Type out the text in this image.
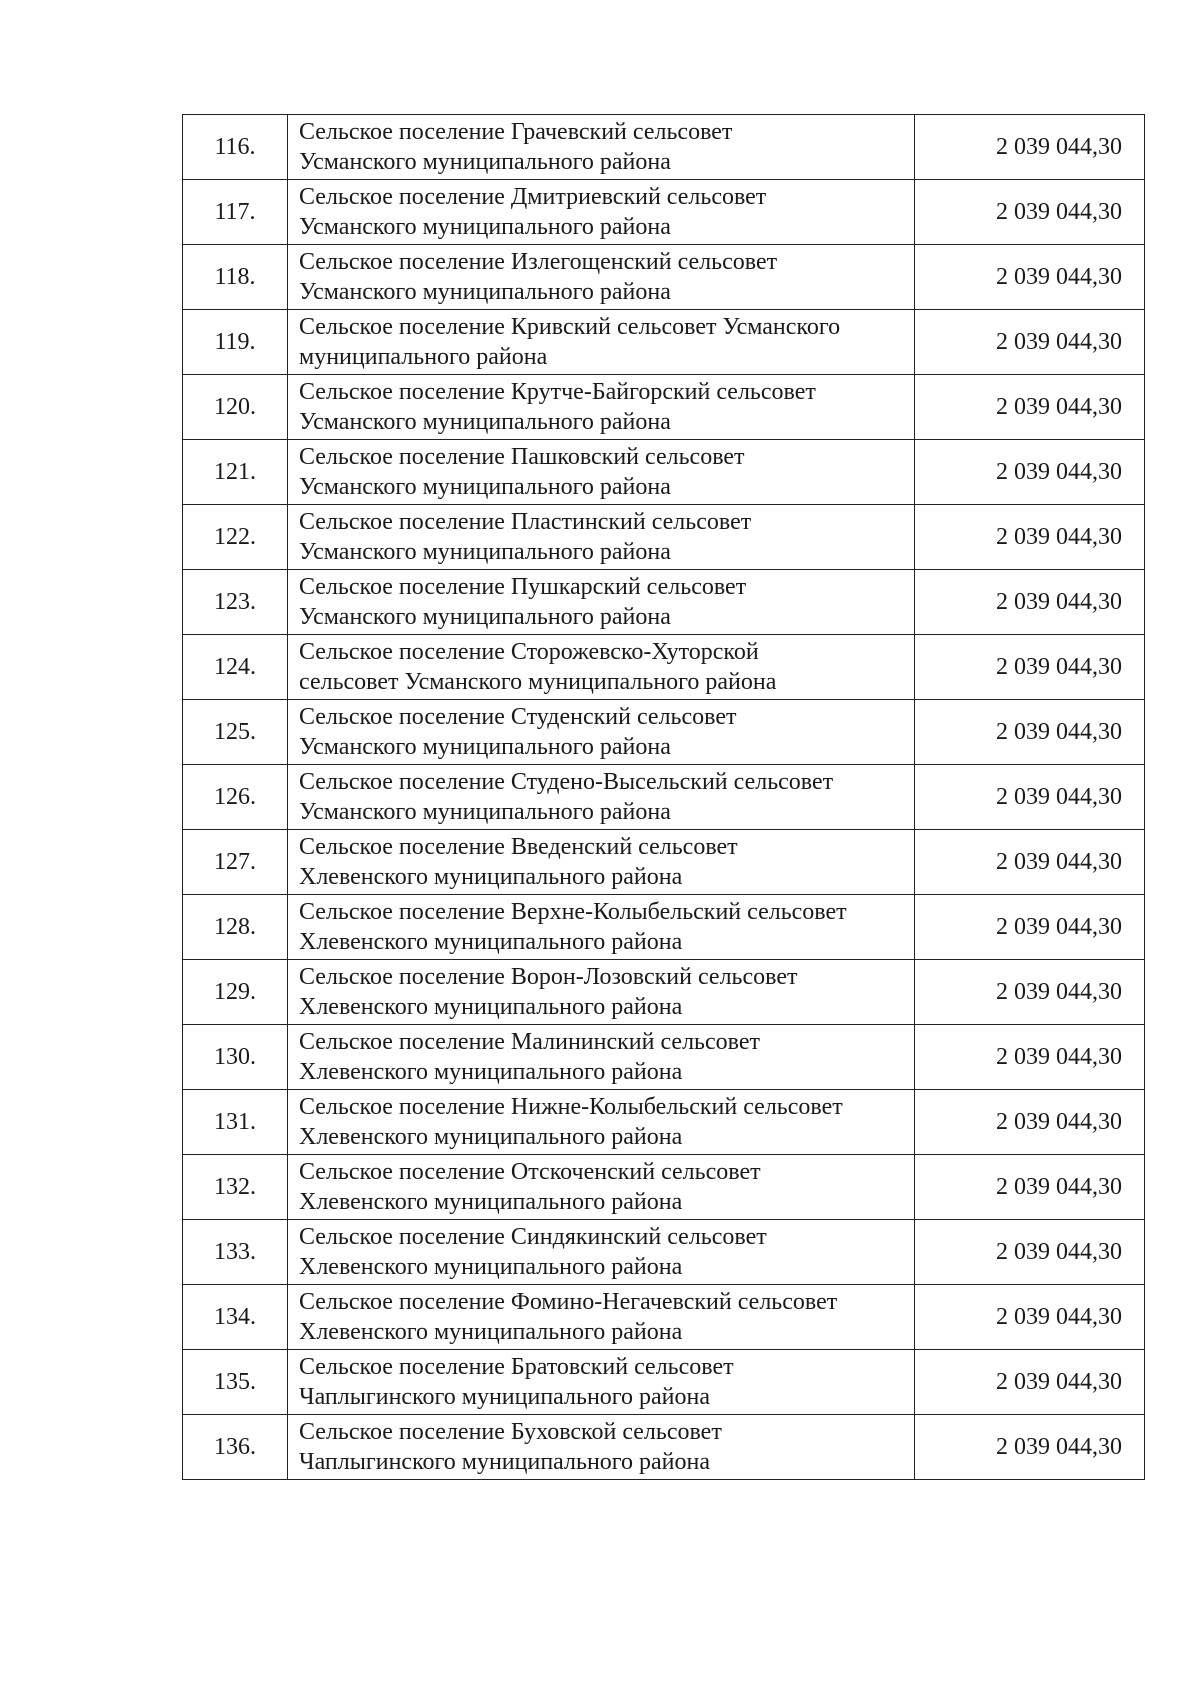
116.	Сельское поселение Грачевский сельсовет
Усманского муниципального района	2 039 044,30
117.	Сельское поселение Дмитриевский сельсовет
Усманского муниципального района	2 039 044,30
118.	Сельское поселение Излегощенский сельсовет
Усманского муниципального района	2 039 044,30
119.	Сельское поселение Кривский сельсовет Усманского
муниципального района	2 039 044,30
120.	Сельское поселение Крутче-Байгорский сельсовет
Усманского муниципального района	2 039 044,30
121.	Сельское поселение Пашковский сельсовет
Усманского муниципального района	2 039 044,30
122.	Сельское поселение Пластинский сельсовет
Усманского муниципального района	2 039 044,30
123.	Сельское поселение Пушкарский сельсовет
Усманского муниципального района	2 039 044,30
124.	Сельское поселение Сторожевско-Хуторской
сельсовет Усманского муниципального района	2 039 044,30
125.	Сельское поселение Студенский сельсовет
Усманского муниципального района	2 039 044,30
126.	Сельское поселение Студено-Высельский сельсовет
Усманского муниципального района	2 039 044,30
127.	Сельское поселение Введенский сельсовет
Хлевенского муниципального района	2 039 044,30
128.	Сельское поселение Верхне-Колыбельский сельсовет
Хлевенского муниципального района	2 039 044,30
129.	Сельское поселение Ворон-Лозовский сельсовет
Хлевенского муниципального района	2 039 044,30
130.	Сельское поселение Малининский сельсовет
Хлевенского муниципального района	2 039 044,30
131.	Сельское поселение Нижне-Колыбельский сельсовет
Хлевенского муниципального района	2 039 044,30
132.	Сельское поселение Отскоченский сельсовет
Хлевенского муниципального района	2 039 044,30
133.	Сельское поселение Синдякинский сельсовет
Хлевенского муниципального района	2 039 044,30
134.	Сельское поселение Фомино-Негачевский сельсовет
Хлевенского муниципального района	2 039 044,30
135.	Сельское поселение Братовский сельсовет
Чаплыгинского муниципального района	2 039 044,30
136.	Сельское поселение Буховской сельсовет
Чаплыгинского муниципального района	2 039 044,30
